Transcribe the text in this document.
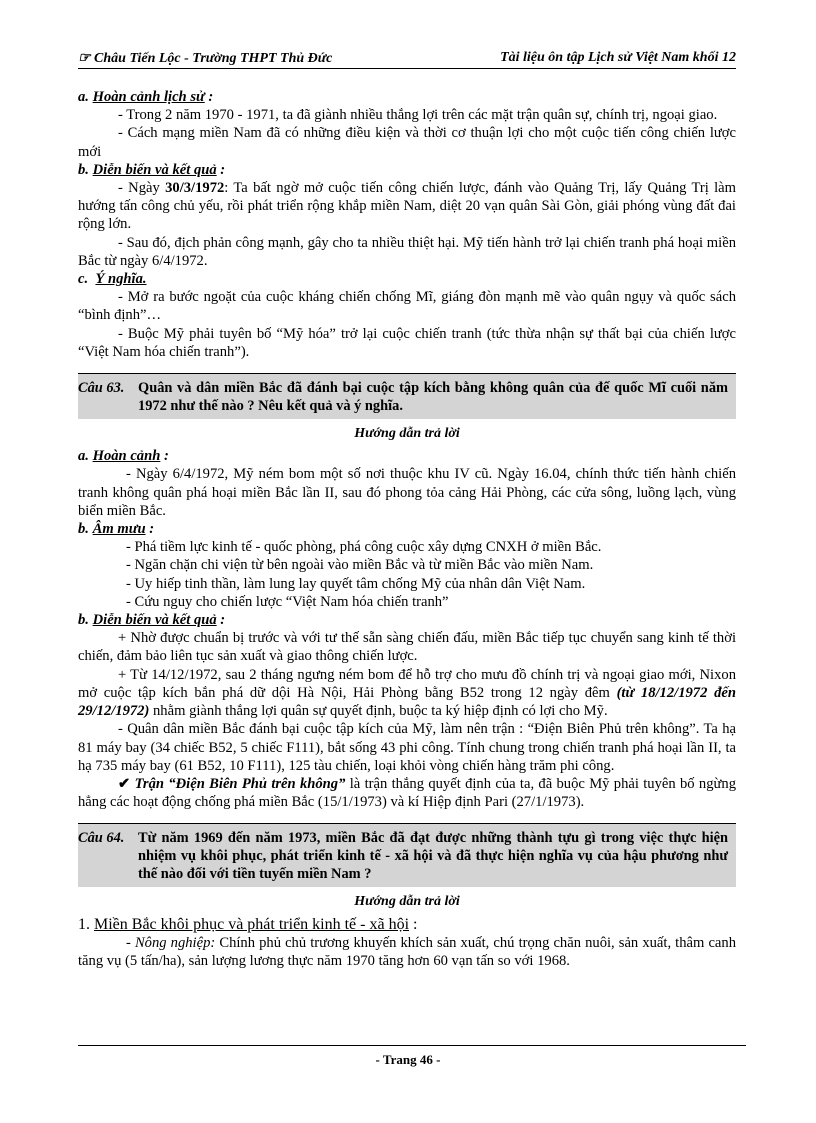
☞ Châu Tiến Lộc - Trường THPT Thủ Đức	Tài liệu ôn tập Lịch sử Việt Nam khối 12

a. Hoàn cảnh lịch sử :

- Trong 2 năm 1970 - 1971, ta đã giành nhiều thắng lợi trên các mặt trận quân sự, chính trị, ngoại giao.

- Cách mạng miền Nam đã có những điều kiện và thời cơ thuận lợi cho một cuộc tiến công chiến lược mới

b. Diễn biến và kết quả :

- Ngày 30/3/1972: Ta bất ngờ mở cuộc tiến công chiến lược, đánh vào Quảng Trị, lấy Quảng Trị làm hướng tấn công chủ yếu, rồi phát triển rộng khắp miền Nam, diệt 20 vạn quân Sài Gòn, giải phóng vùng đất đai rộng lớn.

- Sau đó, địch phản công mạnh, gây cho ta nhiều thiệt hại. Mỹ tiến hành trở lại chiến tranh phá hoại miền Bắc từ ngày 6/4/1972.

c. Ý nghĩa.

- Mở ra bước ngoặt của cuộc kháng chiến chống Mĩ, giáng đòn mạnh mẽ vào quân ngụy và quốc sách “bình định”…

- Buộc Mỹ phải tuyên bố “Mỹ hóa” trở lại cuộc chiến tranh (tức thừa nhận sự thất bại của chiến lược “Việt Nam hóa chiến tranh”).

Câu 63. Quân và dân miền Bắc đã đánh bại cuộc tập kích bằng không quân của đế quốc Mĩ cuối năm 1972 như thế nào ? Nêu kết quả và ý nghĩa.
Hướng dẫn trả lời

a. Hoàn cảnh :

- Ngày 6/4/1972, Mỹ ném bom một số nơi thuộc khu IV cũ. Ngày 16.04, chính thức tiến hành chiến tranh không quân phá hoại miền Bắc lần II, sau đó phong tỏa cảng Hải Phòng, các cửa sông, luồng lạch, vùng biển miền Bắc.

b. Âm mưu :

- Phá tiềm lực kinh tế - quốc phòng, phá công cuộc xây dựng CNXH ở miền Bắc.

- Ngăn chặn chi viện từ bên ngoài vào miền Bắc và từ miền Bắc vào miền Nam.

- Uy hiếp tinh thần, làm lung lay quyết tâm chống Mỹ của nhân dân Việt Nam.

- Cứu nguy cho chiến lược “Việt Nam hóa chiến tranh”

b. Diễn biến và kết quả :

+ Nhờ được chuẩn bị trước và với tư thế sẵn sàng chiến đấu, miền Bắc tiếp tục chuyển sang kinh tế thời chiến, đảm bảo liên tục sản xuất và giao thông chiến lược.

+ Từ 14/12/1972, sau 2 tháng ngưng ném bom để hỗ trợ cho mưu đồ chính trị và ngoại giao mới, Nixon mở cuộc tập kích bắn phá dữ dội Hà Nội, Hải Phòng bằng B52 trong 12 ngày đêm (từ 18/12/1972 đến 29/12/1972) nhằm giành thắng lợi quân sự quyết định, buộc ta ký hiệp định có lợi cho Mỹ.

- Quân dân miền Bắc đánh bại cuộc tập kích của Mỹ, làm nên trận : “Điện Biên Phủ trên không”. Ta hạ 81 máy bay (34 chiếc B52, 5 chiếc F111), bắt sống 43 phi công. Tính chung trong chiến tranh phá hoại lần II, ta hạ 735 máy bay (61 B52, 10 F111), 125 tàu chiến, loại khỏi vòng chiến hàng trăm phi công.

✔ Trận “Điện Biên Phủ trên không” là trận thắng quyết định của ta, đã buộc Mỹ phải tuyên bố ngừng hẳng các hoạt động chống phá miền Bắc (15/1/1973) và kí Hiệp định Pari (27/1/1973).

Câu 64. Từ năm 1969 đến năm 1973, miền Bắc đã đạt được những thành tựu gì trong việc thực hiện nhiệm vụ khôi phục, phát triển kinh tế - xã hội và đã thực hiện nghĩa vụ của hậu phương như thế nào đối với tiền tuyến miền Nam ?
Hướng dẫn trả lời

1. Miền Bắc khôi phục và phát triển kinh tế - xã hội :

- Nông nghiệp: Chính phủ chủ trương khuyến khích sản xuất, chú trọng chăn nuôi, sản xuất, thâm canh tăng vụ (5 tấn/ha), sản lượng lương thực năm 1970 tăng hơn 60 vạn tấn so với 1968.

- Trang 46 -
